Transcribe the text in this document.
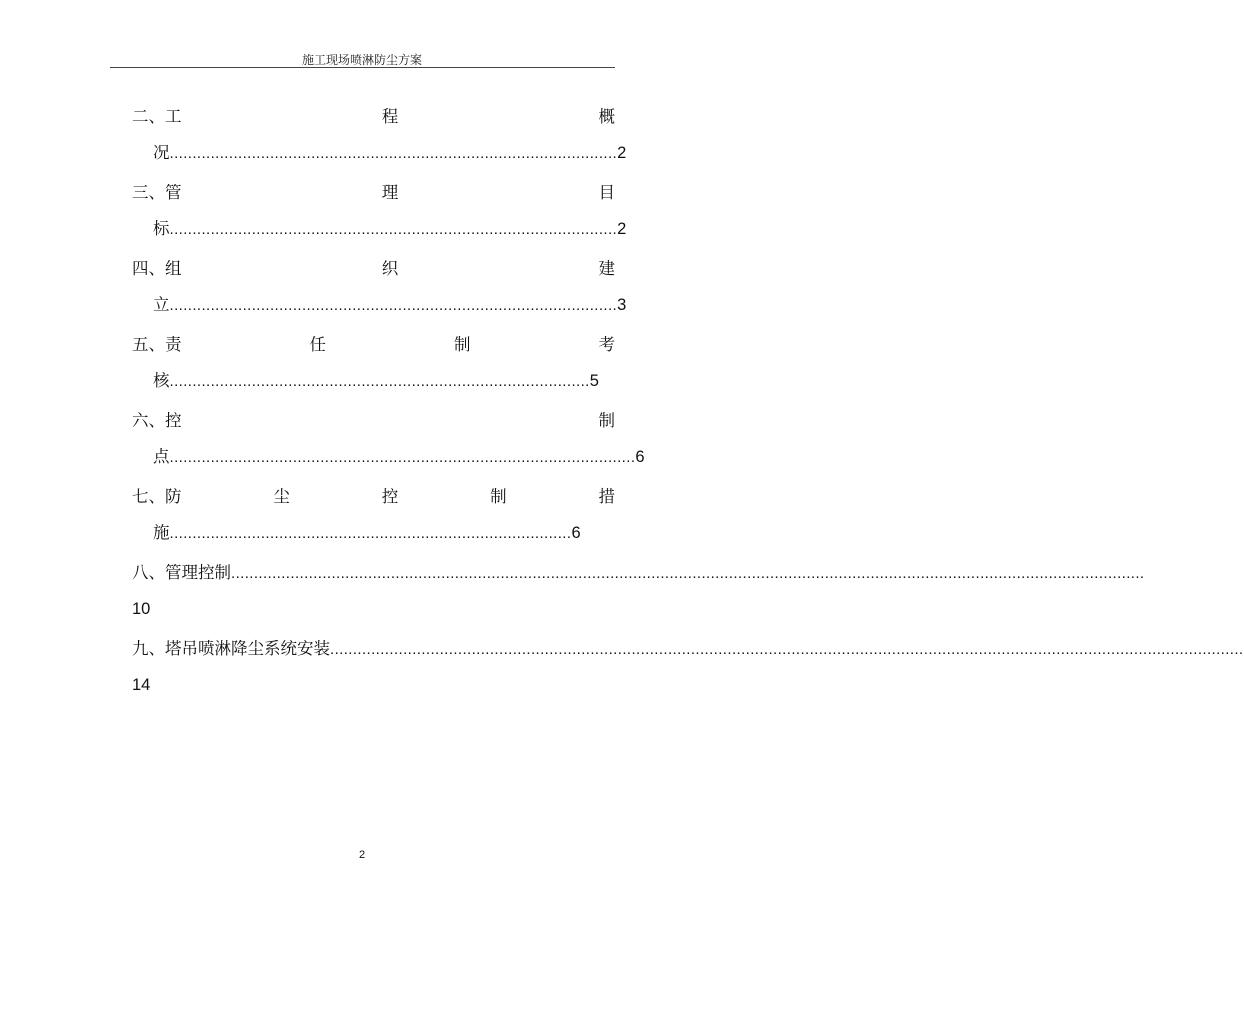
施工现场喷淋防尘方案
二、工	程	概
况..................................................................................................2
三、管	理	目
标..................................................................................................2
四、组	织	建
立..................................................................................................3
五、责	任	制	考
核............................................................................................5
六、控	制
点......................................................................................................6
七、防	尘	控	制	措
施........................................................................................6
八、 管理控制 ........................................................................................................................................................................................................
10
九、 塔吊喷淋降尘系统安装 ........................................................................................................................................................................................................
14
2
